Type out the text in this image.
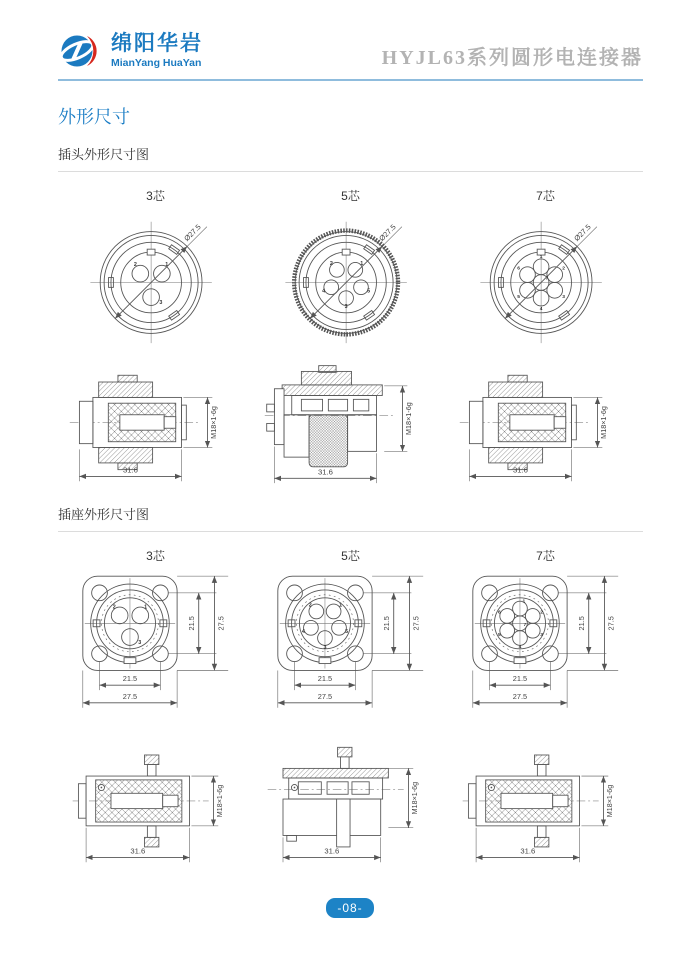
绵阳华岩
MianYang HuaYan	HYJL63系列圆形电连接器
外形尺寸
插头外形尺寸图
3芯	5芯	7芯
插座外形尺寸图
3芯	5芯	7芯
-08-
